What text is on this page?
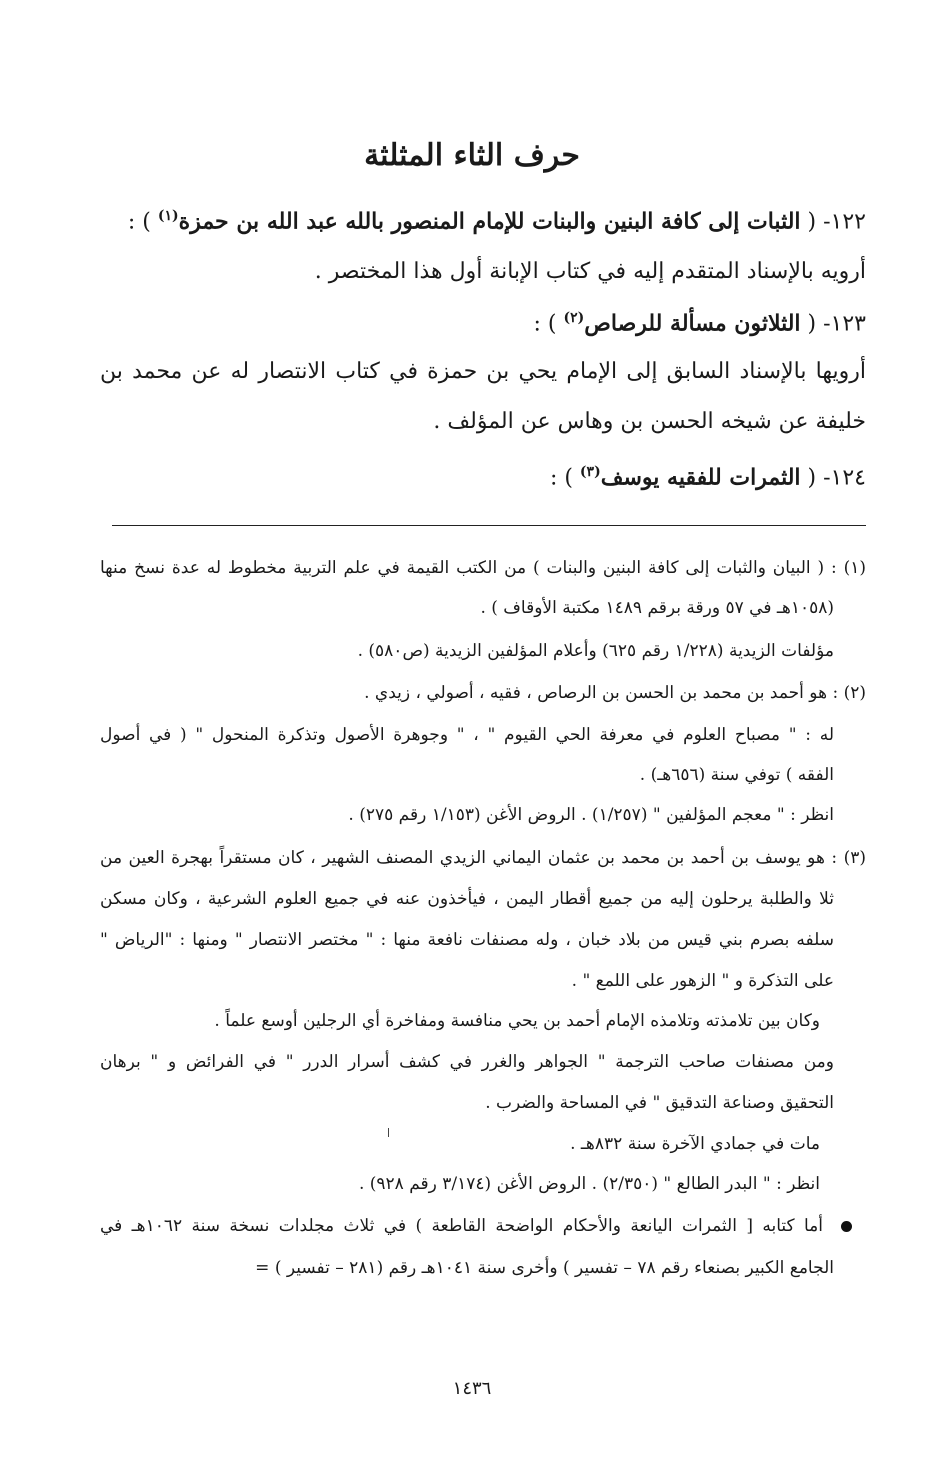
حرف الثاء المثلثة
١٢٢- ( الثبات إلى كافة البنين والبنات للإمام المنصور بالله عبد الله بن حمزة$^{(١)}$ ) :
أرويه بالإسناد المتقدم إليه في كتاب الإبانة أول هذا المختصر .
١٢٣- ( الثلاثون مسألة للرصاص$^{(٢)}$ ) :
أرويها بالإسناد السابق إلى الإمام يحي بن حمزة في كتاب الانتصار له عن محمد بن
خليفة عن شيخه الحسن بن وهاس عن المؤلف .
١٢٤- ( الثمرات للفقيه يوسف$^{(٣)}$ ) :
(١) : ( البيان والثبات إلى كافة البنين والبنات ) من الكتب القيمة في علم التربية مخطوط له عدة نسخ منها
(١٠٥٨هـ في ٥٧ ورقة برقم ١٤٨٩ مكتبة الأوقاف ) .
مؤلفات الزيدية (١/٢٢٨ رقم ٦٢٥) وأعلام المؤلفين الزيدية (ص٥٨٠) .
(٢) : هو أحمد بن محمد بن الحسن بن الرصاص ، فقيه ، أصولي ، زيدي .
له : " مصباح العلوم في معرفة الحي القيوم " ، " وجوهرة الأصول وتذكرة المنحول " ( في أصول
الفقه ) توفي سنة (٦٥٦هـ) .
انظر : " معجم المؤلفين " (١/٢٥٧) . الروض الأغن (١/١٥٣ رقم ٢٧٥) .
(٣) : هو يوسف بن أحمد بن محمد بن عثمان اليماني الزيدي المصنف الشهير ، كان مستقراً بهجرة العين من
ثلا والطلبة يرحلون إليه من جميع أقطار اليمن ، فيأخذون عنه في جميع العلوم الشرعية ، وكان مسكن
سلفه بصرم بني قيس من بلاد خبان ، وله مصنفات نافعة منها : " مختصر الانتصار " ومنها : "الرياض "
على التذكرة و " الزهور على اللمع " .
وكان بين تلامذته وتلامذه الإمام أحمد بن يحي منافسة ومفاخرة أي الرجلين أوسع علماً .
ومن مصنفات صاحب الترجمة " الجواهر والغرر في كشف أسرار الدرر " في الفرائض و " برهان
التحقيق وصناعة التدقيق " في المساحة والضرب .
مات في جمادي الآخرة سنة ٨٣٢هـ .
انظر : " البدر الطالع " (٢/٣٥٠) . الروض الأغن (٣/١٧٤ رقم ٩٢٨) .
أما كتابه [ الثمرات اليانعة والأحكام الواضحة القاطعة ) في ثلاث مجلدات نسخة سنة ١٠٦٢هـ في
الجامع الكبير بصنعاء رقم ٧٨ – تفسير ) وأخرى سنة ١٠٤١هـ رقم (٢٨١ – تفسير ) =
١٤٣٦
